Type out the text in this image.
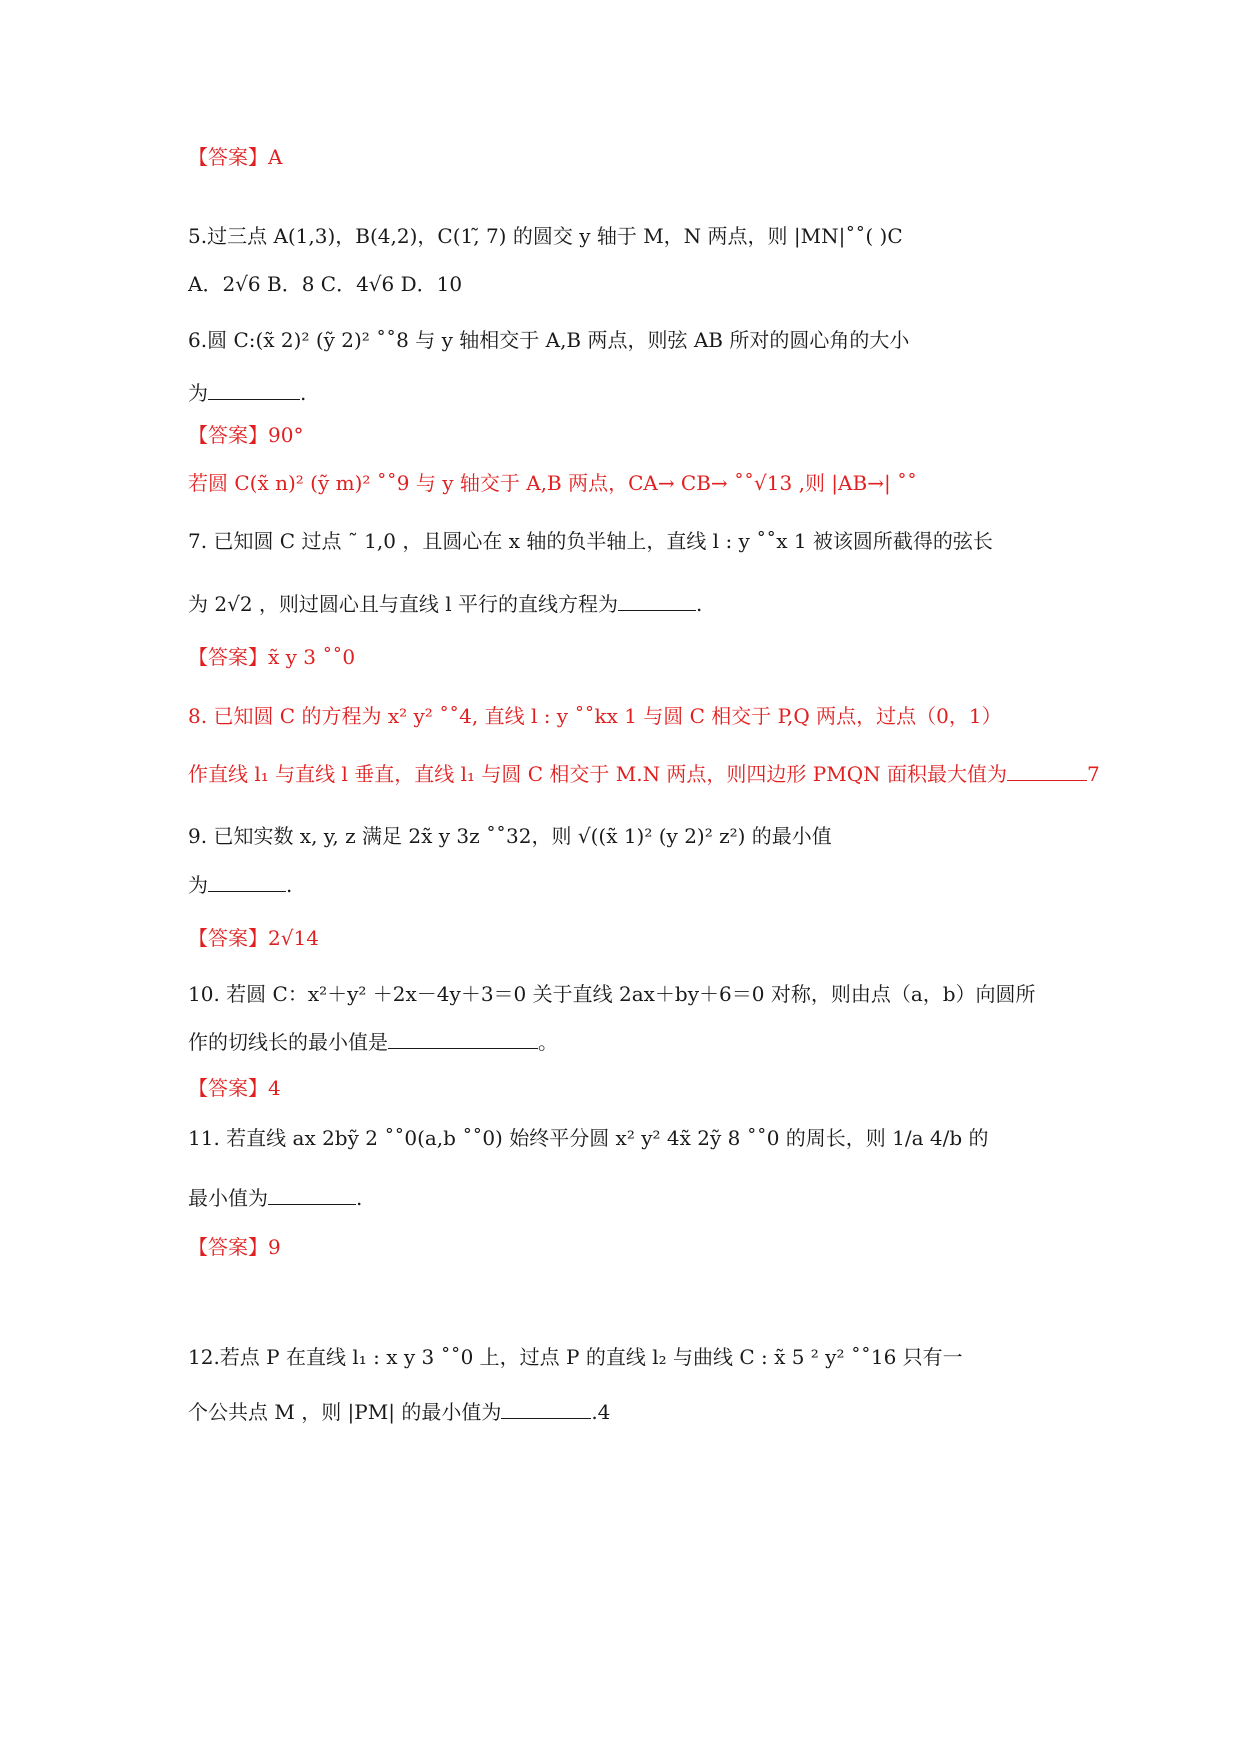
【答案】A
5.过三点 A(1,3)，B(4,2)，C(1,̃ 7) 的圆交 y 轴于 M，N 两点，则 |MN|˚˚( )C
A．2√6 B．8 C．4√6 D．10
6.圆 C:(x̃ 2)² (ỹ 2)² ˚˚8 与 y 轴相交于 A,B 两点，则弦 AB 所对的圆心角的大小
为	.
【答案】90°
若圆 C(x̃ n)² (ỹ m)² ˚˚9 与 y 轴交于 A,B 两点，CA→ CB→ ˚˚√13 ,则 |AB→| ˚˚
7. 已知圆 C 过点 ˜ 1,0 ，且圆心在 x 轴的负半轴上，直线 l : y ˚˚x 1 被该圆所截得的弦长
为 2√2 ，则过圆心且与直线 l 平行的直线方程为	.
【答案】x̃ y 3 ˚˚0
8. 已知圆 C 的方程为 x² y² ˚˚4, 直线 l : y ˚˚kx 1 与圆 C 相交于 P,Q 两点，过点（0，1）
作直线 l₁ 与直线 l 垂直，直线 l₁ 与圆 C 相交于 M.N 两点，则四边形 PMQN 面积最大值为	7
9. 已知实数 x, y, z 满足 2x̃ y 3z ˚˚32，则 √((x̃ 1)² (y 2)² z²) 的最小值
为	.
【答案】2√14
10. 若圆 C：x²＋y² ＋2x－4y＋3＝0 关于直线 2ax＋by＋6＝0 对称，则由点（a，b）向圆所
作的切线长的最小值是	。
【答案】4
11. 若直线 ax 2bỹ 2 ˚˚0(a,b ˚˚0) 始终平分圆 x² y² 4x̃ 2ỹ 8 ˚˚0 的周长，则 1/a 4/b 的
最小值为	.
【答案】9
12.若点 P 在直线 l₁ : x y 3 ˚˚0 上，过点 P 的直线 l₂ 与曲线 C : x̃ 5 ² y² ˚˚16 只有一
个公共点 M ，则 |PM| 的最小值为	.4
